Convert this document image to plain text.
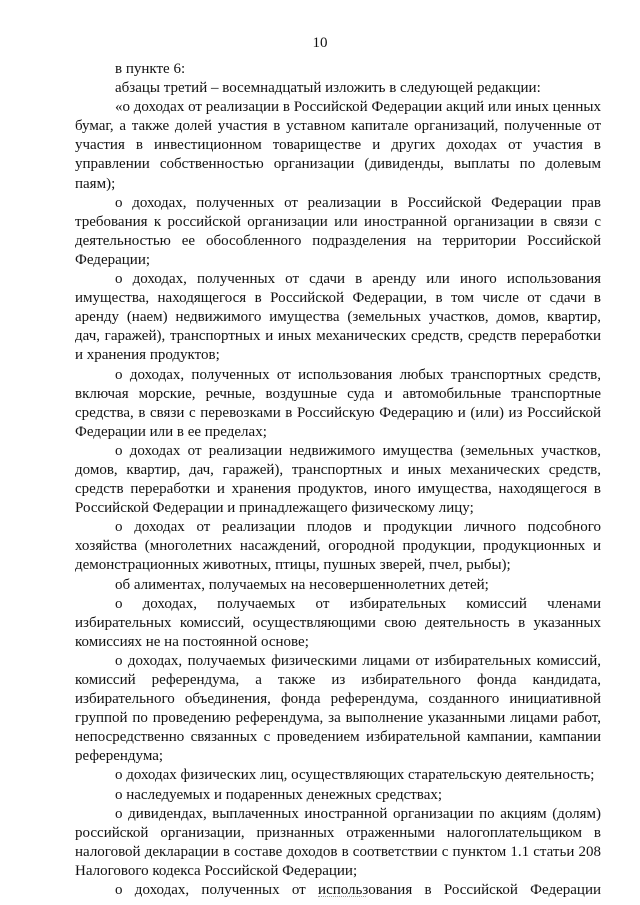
10

в пункте 6:

абзацы третий – восемнадцатый изложить в следующей редакции:

«о доходах от реализации в Российской Федерации акций или иных ценных бумаг, а также долей участия в уставном капитале организаций, полученные от участия в инвестиционном товариществе и других доходах от участия в управлении собственностью организации (дивиденды, выплаты по долевым паям);

о доходах, полученных от реализации в Российской Федерации прав требования к российской организации или иностранной организации в связи с деятельностью ее обособленного подразделения на территории Российской Федерации;

о доходах, полученных от сдачи в аренду или иного использования имущества, находящегося в Российской Федерации, в том числе от сдачи в аренду (наем) недвижимого имущества (земельных участков, домов, квартир, дач, гаражей), транспортных и иных механических средств, средств переработки и хранения продуктов;

о доходах, полученных от использования любых транспортных средств, включая морские, речные, воздушные суда и автомобильные транспортные средства, в связи с перевозками в Российскую Федерацию и (или) из Российской Федерации или в ее пределах;

о доходах от реализации недвижимого имущества (земельных участков, домов, квартир, дач, гаражей), транспортных и иных механических средств, средств переработки и хранения продуктов, иного имущества, находящегося в Российской Федерации и принадлежащего физическому лицу;

о доходах от реализации плодов и продукции личного подсобного хозяйства (многолетних насаждений, огородной продукции, продукционных и демонстрационных животных, птицы, пушных зверей, пчел, рыбы);

об алиментах, получаемых на несовершеннолетних детей;

о доходах, получаемых от избирательных комиссий членами избирательных комиссий, осуществляющими свою деятельность в указанных комиссиях не на постоянной основе;

о доходах, получаемых физическими лицами от избирательных комиссий, комиссий референдума, а также из избирательного фонда кандидата, избирательного объединения, фонда референдума, созданного инициативной группой по проведению референдума, за выполнение указанными лицами работ, непосредственно связанных с проведением избирательной кампании, кампании референдума;

о доходах физических лиц, осуществляющих старательскую деятельность;

о наследуемых и подаренных денежных средствах;

о дивидендах, выплаченных иностранной организации по акциям (долям) российской организации, признанных отраженными налогоплательщиком в налоговой декларации в составе доходов в соответствии с пунктом 1.1 статьи 208 Налогового кодекса Российской Федерации;

о доходах, полученных от использования в Российской Федерации
